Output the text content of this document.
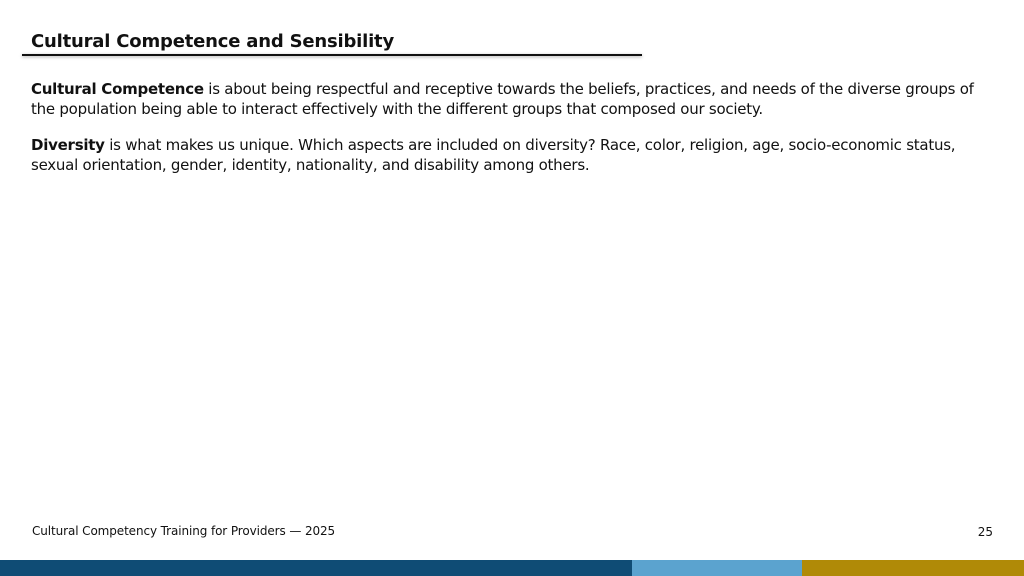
Cultural Competence and Sensibility

Cultural Competence is about being respectful and receptive towards the beliefs, practices, and needs of the diverse groups of the population being able to interact effectively with the different groups that composed our society.

Diversity is what makes us unique. Which aspects are included on diversity? Race, color, religion, age, socio-economic status, sexual orientation, gender, identity, nationality, and disability among others.

Cultural Competency Training for Providers — 2025	25
